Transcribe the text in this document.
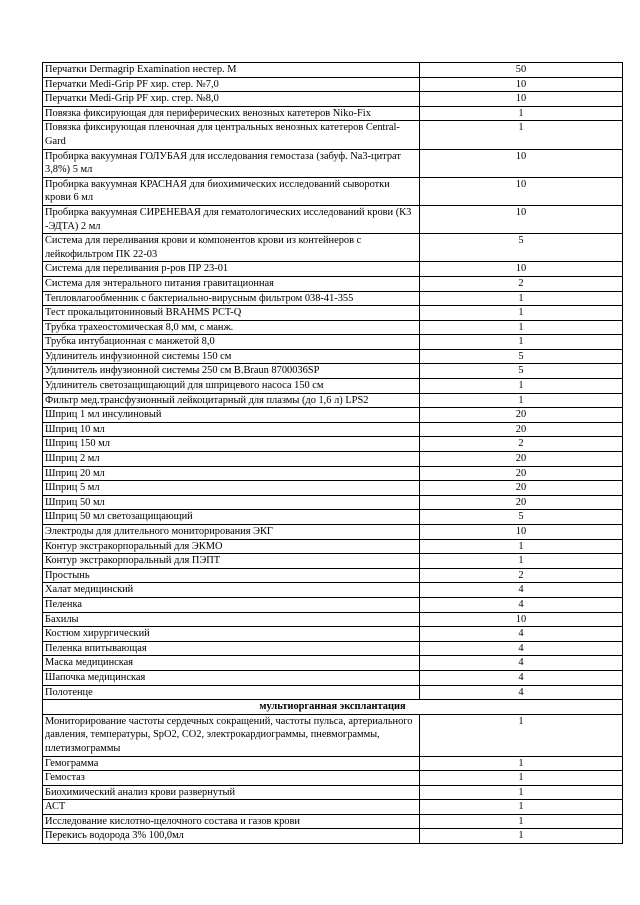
Перчатки Dermagrip Examination нестер. M	50
Перчатки Medi-Grip PF хир. стер. №7,0	10
Перчатки Medi-Grip PF хир. стер. №8,0	10
Повязка фиксирующая для периферических венозных катетеров Niko-Fix	1
Повязка фиксирующая пленочная для центральных венозных катетеров Central-Gard	1
Пробирка вакуумная ГОЛУБАЯ для исследования гемостаза (забуф. Na3-цитрат 3,8%) 5 мл	10
Пробирка вакуумная КРАСНАЯ для биохимических исследований сыворотки крови 6 мл	10
Пробирка вакуумная СИРЕНЕВАЯ для гематологических исследований крови (К3 -ЭДТА) 2 мл	10
Система для переливания крови и компонентов крови из контейнеров с лейкофильтром ПК 22-03	5
Система для переливания р-ров ПР 23-01	10
Система для энтерального питания гравитационная	2
Тепловлагообменник с бактериально-вирусным фильтром 038-41-355	1
Тест прокальцитониновый BRAHMS PCT-Q	1
Трубка трахеостомическая 8,0 мм, с манж.	1
Трубка интубационная с манжетой 8,0	1
Удлинитель инфузионной системы 150 см	5
Удлинитель инфузионной системы 250 см B.Braun 8700036SP	5
Удлинитель светозащищающий для шприцевого насоса 150 см	1
Фильтр мед.трансфузионный лейкоцитарный для плазмы (до 1,6 л) LPS2	1
Шприц 1 мл инсулиновый	20
Шприц 10 мл	20
Шприц 150 мл	2
Шприц 2 мл	20
Шприц 20 мл	20
Шприц 5 мл	20
Шприц 50 мл	20
Шприц 50 мл светозащищающий	5
Электроды для длительного мониторирования ЭКГ	10
Контур экстракорпоральный для ЭКМО	1
Контур экстракорпоральный для ПЭПТ	1
Простынь	2
Халат медицинский	4
Пеленка	4
Бахилы	10
Костюм хирургический	4
Пеленка впитывающая	4
Маска медицинская	4
Шапочка медицинская	4
Полотенце	4
мультиорганная эксплантация	
Мониторирование частоты сердечных сокращений, частоты пульса, артериального давления, температуры, SpO2, CO2, электрокардиограммы, пневмограммы, плетизмограммы	1
Гемограмма	1
Гемостаз	1
Биохимический анализ крови развернутый	1
АСТ	1
Исследование кислотно-щелочного состава и газов крови	1
Перекись водорода 3% 100,0мл	1
